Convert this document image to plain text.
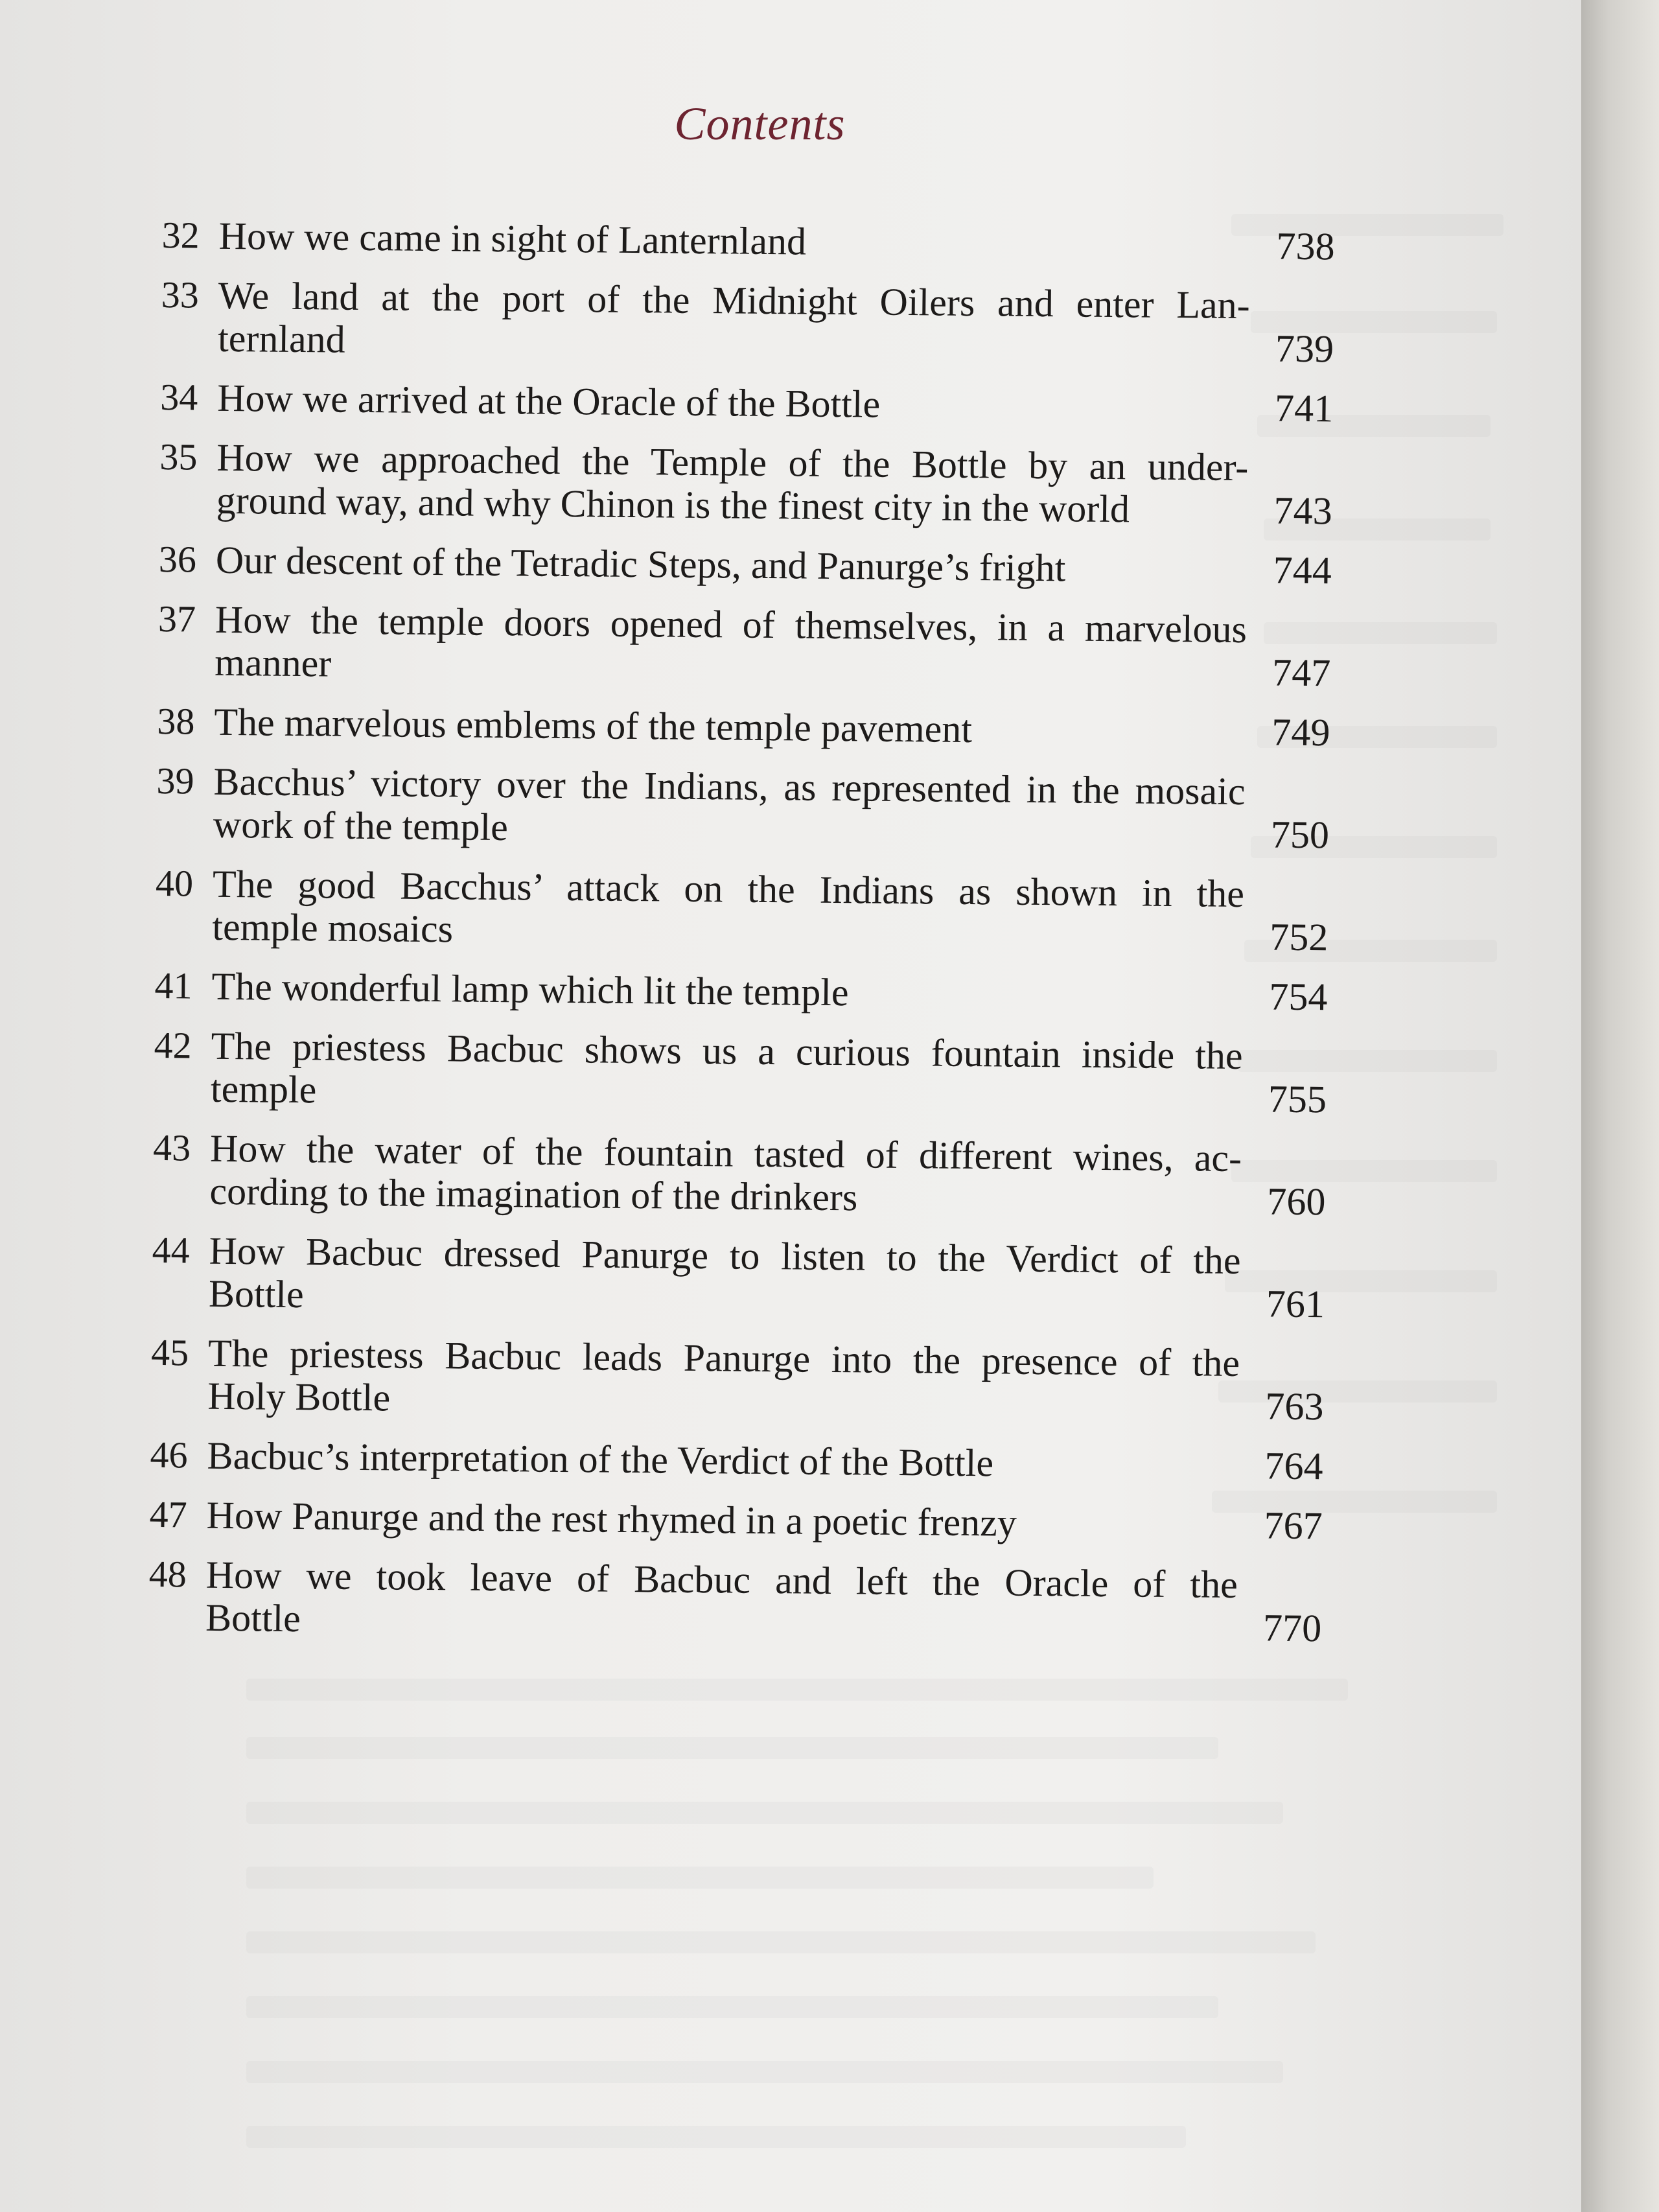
Contents
32 How we came in sight of Lanternland	738
33 We land at the port of the Midnight Oilers and enter Lan-
ternland	739
34 How we arrived at the Oracle of the Bottle	741
35 How we approached the Temple of the Bottle by an under-
ground way, and why Chinon is the finest city in the world	743
36 Our descent of the Tetradic Steps, and Panurge’s fright	744
37 How the temple doors opened of themselves, in a marvelous
manner	747
38 The marvelous emblems of the temple pavement	749
39 Bacchus’ victory over the Indians, as represented in the mosaic
work of the temple	750
40 The good Bacchus’ attack on the Indians as shown in the
temple mosaics	752
41 The wonderful lamp which lit the temple	754
42 The priestess Bacbuc shows us a curious fountain inside the
temple	755
43 How the water of the fountain tasted of different wines, ac-
cording to the imagination of the drinkers	760
44 How Bacbuc dressed Panurge to listen to the Verdict of the
Bottle	761
45 The priestess Bacbuc leads Panurge into the presence of the
Holy Bottle	763
46 Bacbuc’s interpretation of the Verdict of the Bottle	764
47 How Panurge and the rest rhymed in a poetic frenzy	767
48 How we took leave of Bacbuc and left the Oracle of the
Bottle	770
